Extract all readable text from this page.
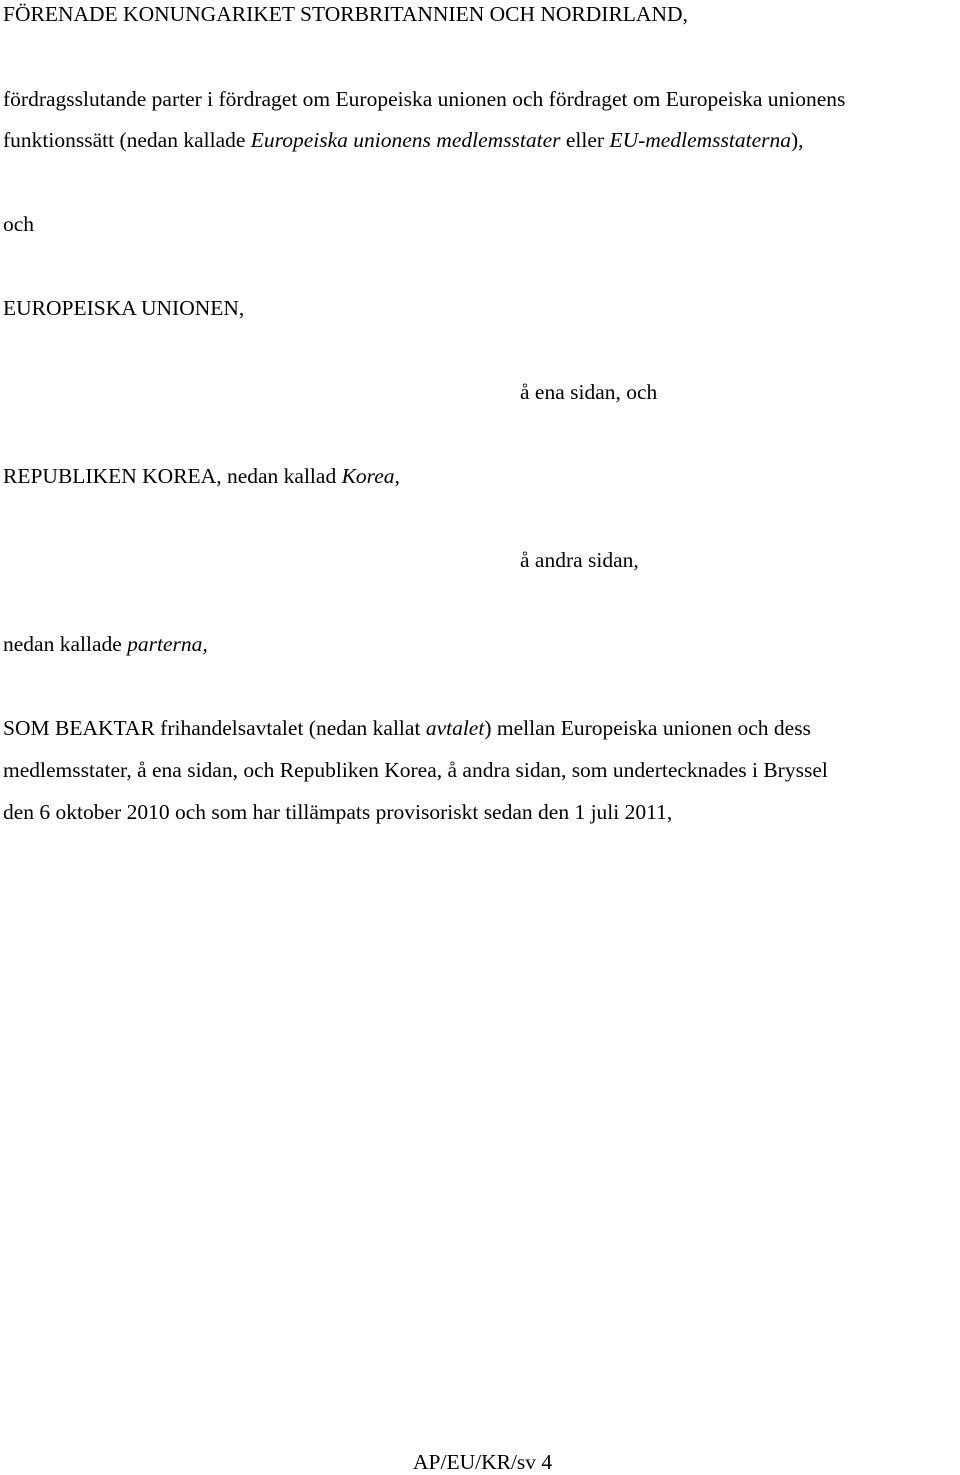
FÖRENADE KONUNGARIKET STORBRITANNIEN OCH NORDIRLAND,

fördragsslutande parter i fördraget om Europeiska unionen och fördraget om Europeiska unionens

funktionssätt (nedan kallade Europeiska unionens medlemsstater eller EU-medlemsstaterna),

och

EUROPEISKA UNIONEN,

å ena sidan, och

REPUBLIKEN KOREA, nedan kallad Korea,

å andra sidan,

nedan kallade parterna,

SOM BEAKTAR frihandelsavtalet (nedan kallat avtalet) mellan Europeiska unionen och dess

medlemsstater, å ena sidan, och Republiken Korea, å andra sidan, som undertecknades i Bryssel

den 6 oktober 2010 och som har tillämpats provisoriskt sedan den 1 juli 2011,

AP/EU/KR/sv 4
